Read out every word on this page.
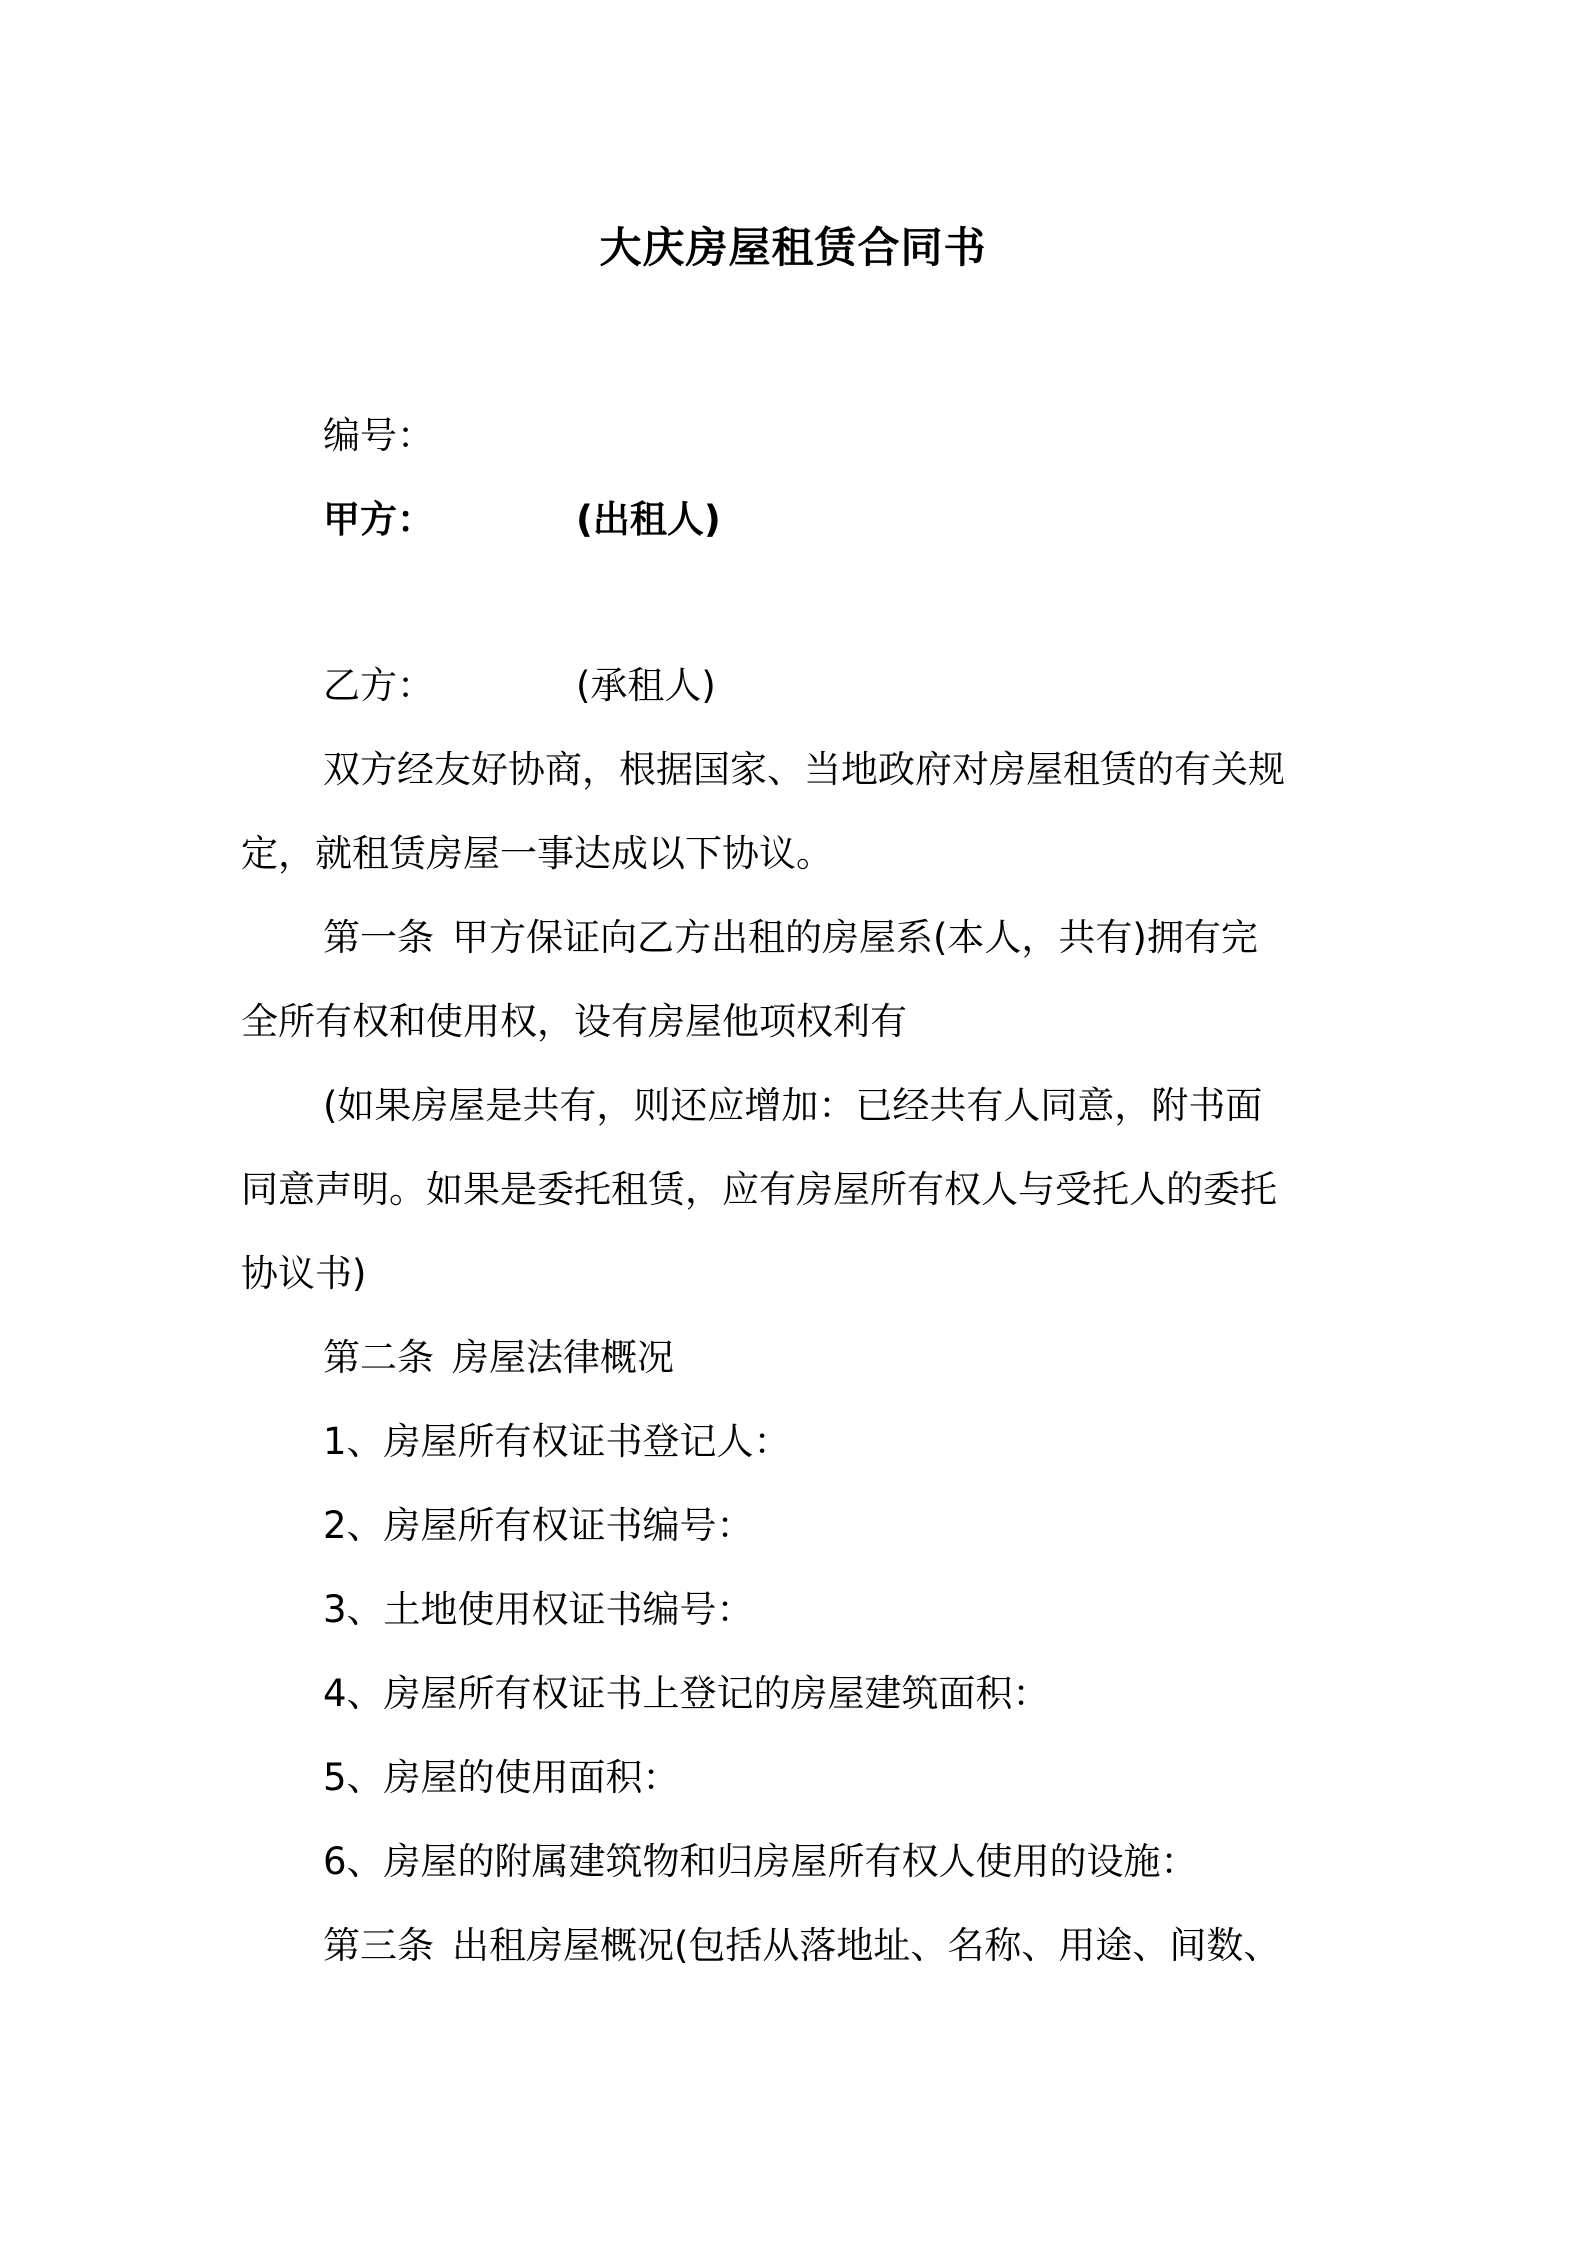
大庆房屋租赁合同书
编号：
甲方：	(出租人)
乙方：	(承租人)
双方经友好协商，根据国家、当地政府对房屋租赁的有关规
定，就租赁房屋一事达成以下协议。
第一条 甲方保证向乙方出租的房屋系(本人，共有)拥有完
全所有权和使用权，设有房屋他项权利有
(如果房屋是共有，则还应增加：已经共有人同意，附书面
同意声明。如果是委托租赁，应有房屋所有权人与受托人的委托
协议书)
第二条 房屋法律概况
1、房屋所有权证书登记人：
2、房屋所有权证书编号：
3、土地使用权证书编号：
4、房屋所有权证书上登记的房屋建筑面积：
5、房屋的使用面积：
6、房屋的附属建筑物和归房屋所有权人使用的设施：
第三条 出租房屋概况(包括从落地址、名称、用途、间数、
